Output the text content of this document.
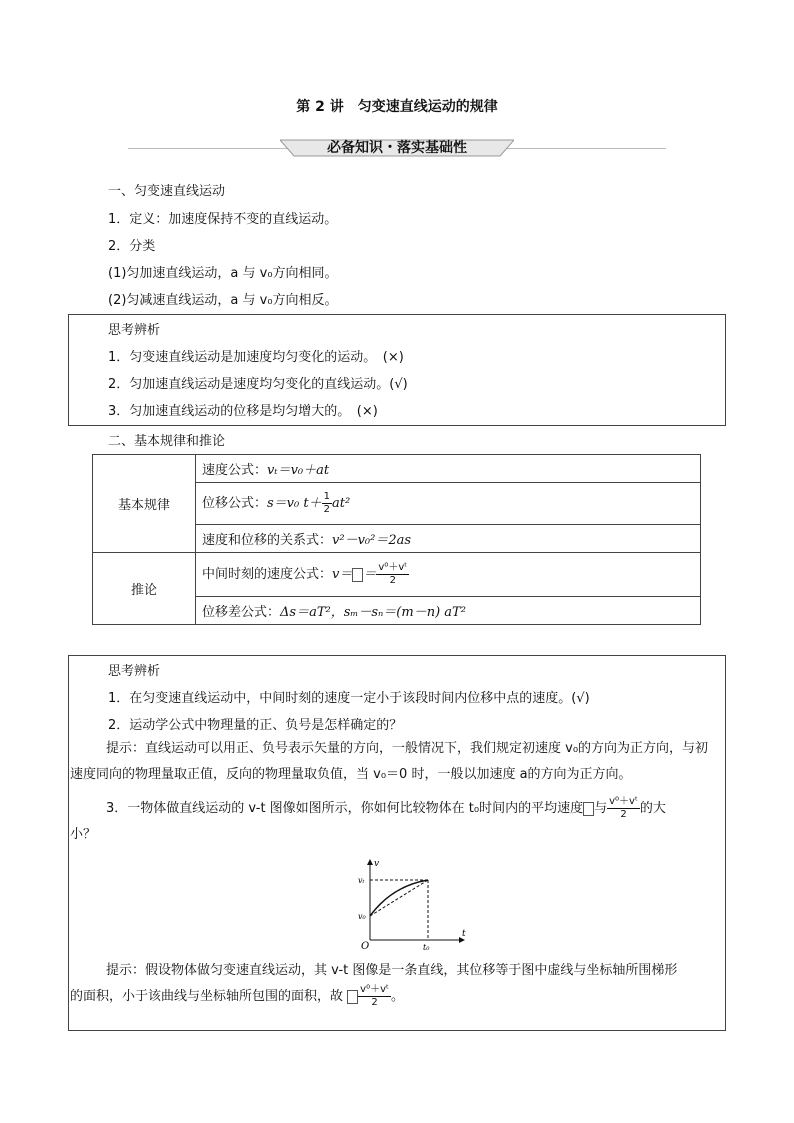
第 2 讲　匀变速直线运动的规律
必备知识・落实基础性
一、匀变速直线运动
1．定义：加速度保持不变的直线运动。
2．分类
(1)匀加速直线运动，a 与 v₀方向相同。
(2)匀减速直线运动，a 与 v₀方向相反。
思考辨析
1．匀变速直线运动是加速度均匀变化的运动。　(×)
2．匀加速直线运动是速度均匀变化的直线运动。(√)
3．匀加速直线运动的位移是均匀增大的。　(×)
二、基本规律和推论
基本规律	速度公式：vₜ＝v₀＋at
	位移公式：s＝v₀ $t+ \frac{1}{2} at^2$
	速度和位移的关系式：v²－v₀²＝2as
推论	中间时刻的速度公式：$v= = \frac{\text{v⁰＋vᵗ}}{2}$

	位移差公式：Δs＝aT²，sₘ－sₙ＝(m－n) aT²
思考辨析
1．在匀变速直线运动中，中间时刻的速度一定小于该段时间内位移中点的速度。(√)
2．运动学公式中物理量的正、负号是怎样确定的？
提示：直线运动可以用正、负号表示矢量的方向，一般情况下，我们规定初速度 v₀的方向为正方向，与初速度同向的物理量取正值，反向的物理量取负值，当 v₀＝0 时，一般以加速度 a的方向为正方向。
3．一物体做直线运动的 v-t 图像如图所示，你如何比较物体在 t₀时间内的平均速度 与 $\frac{\text{v⁰＋vᵗ}}{2}$ 的大
小？
v
t
O
vₜ
v₀
t₀
提示：假设物体做匀变速直线运动，其 v-t 图像是一条直线，其位移等于图中虚线与坐标轴所围梯形
的面积，小于该曲线与坐标轴所包围的面积，故 $\frac{\text{v⁰＋vᵗ}}{2}$ 。
